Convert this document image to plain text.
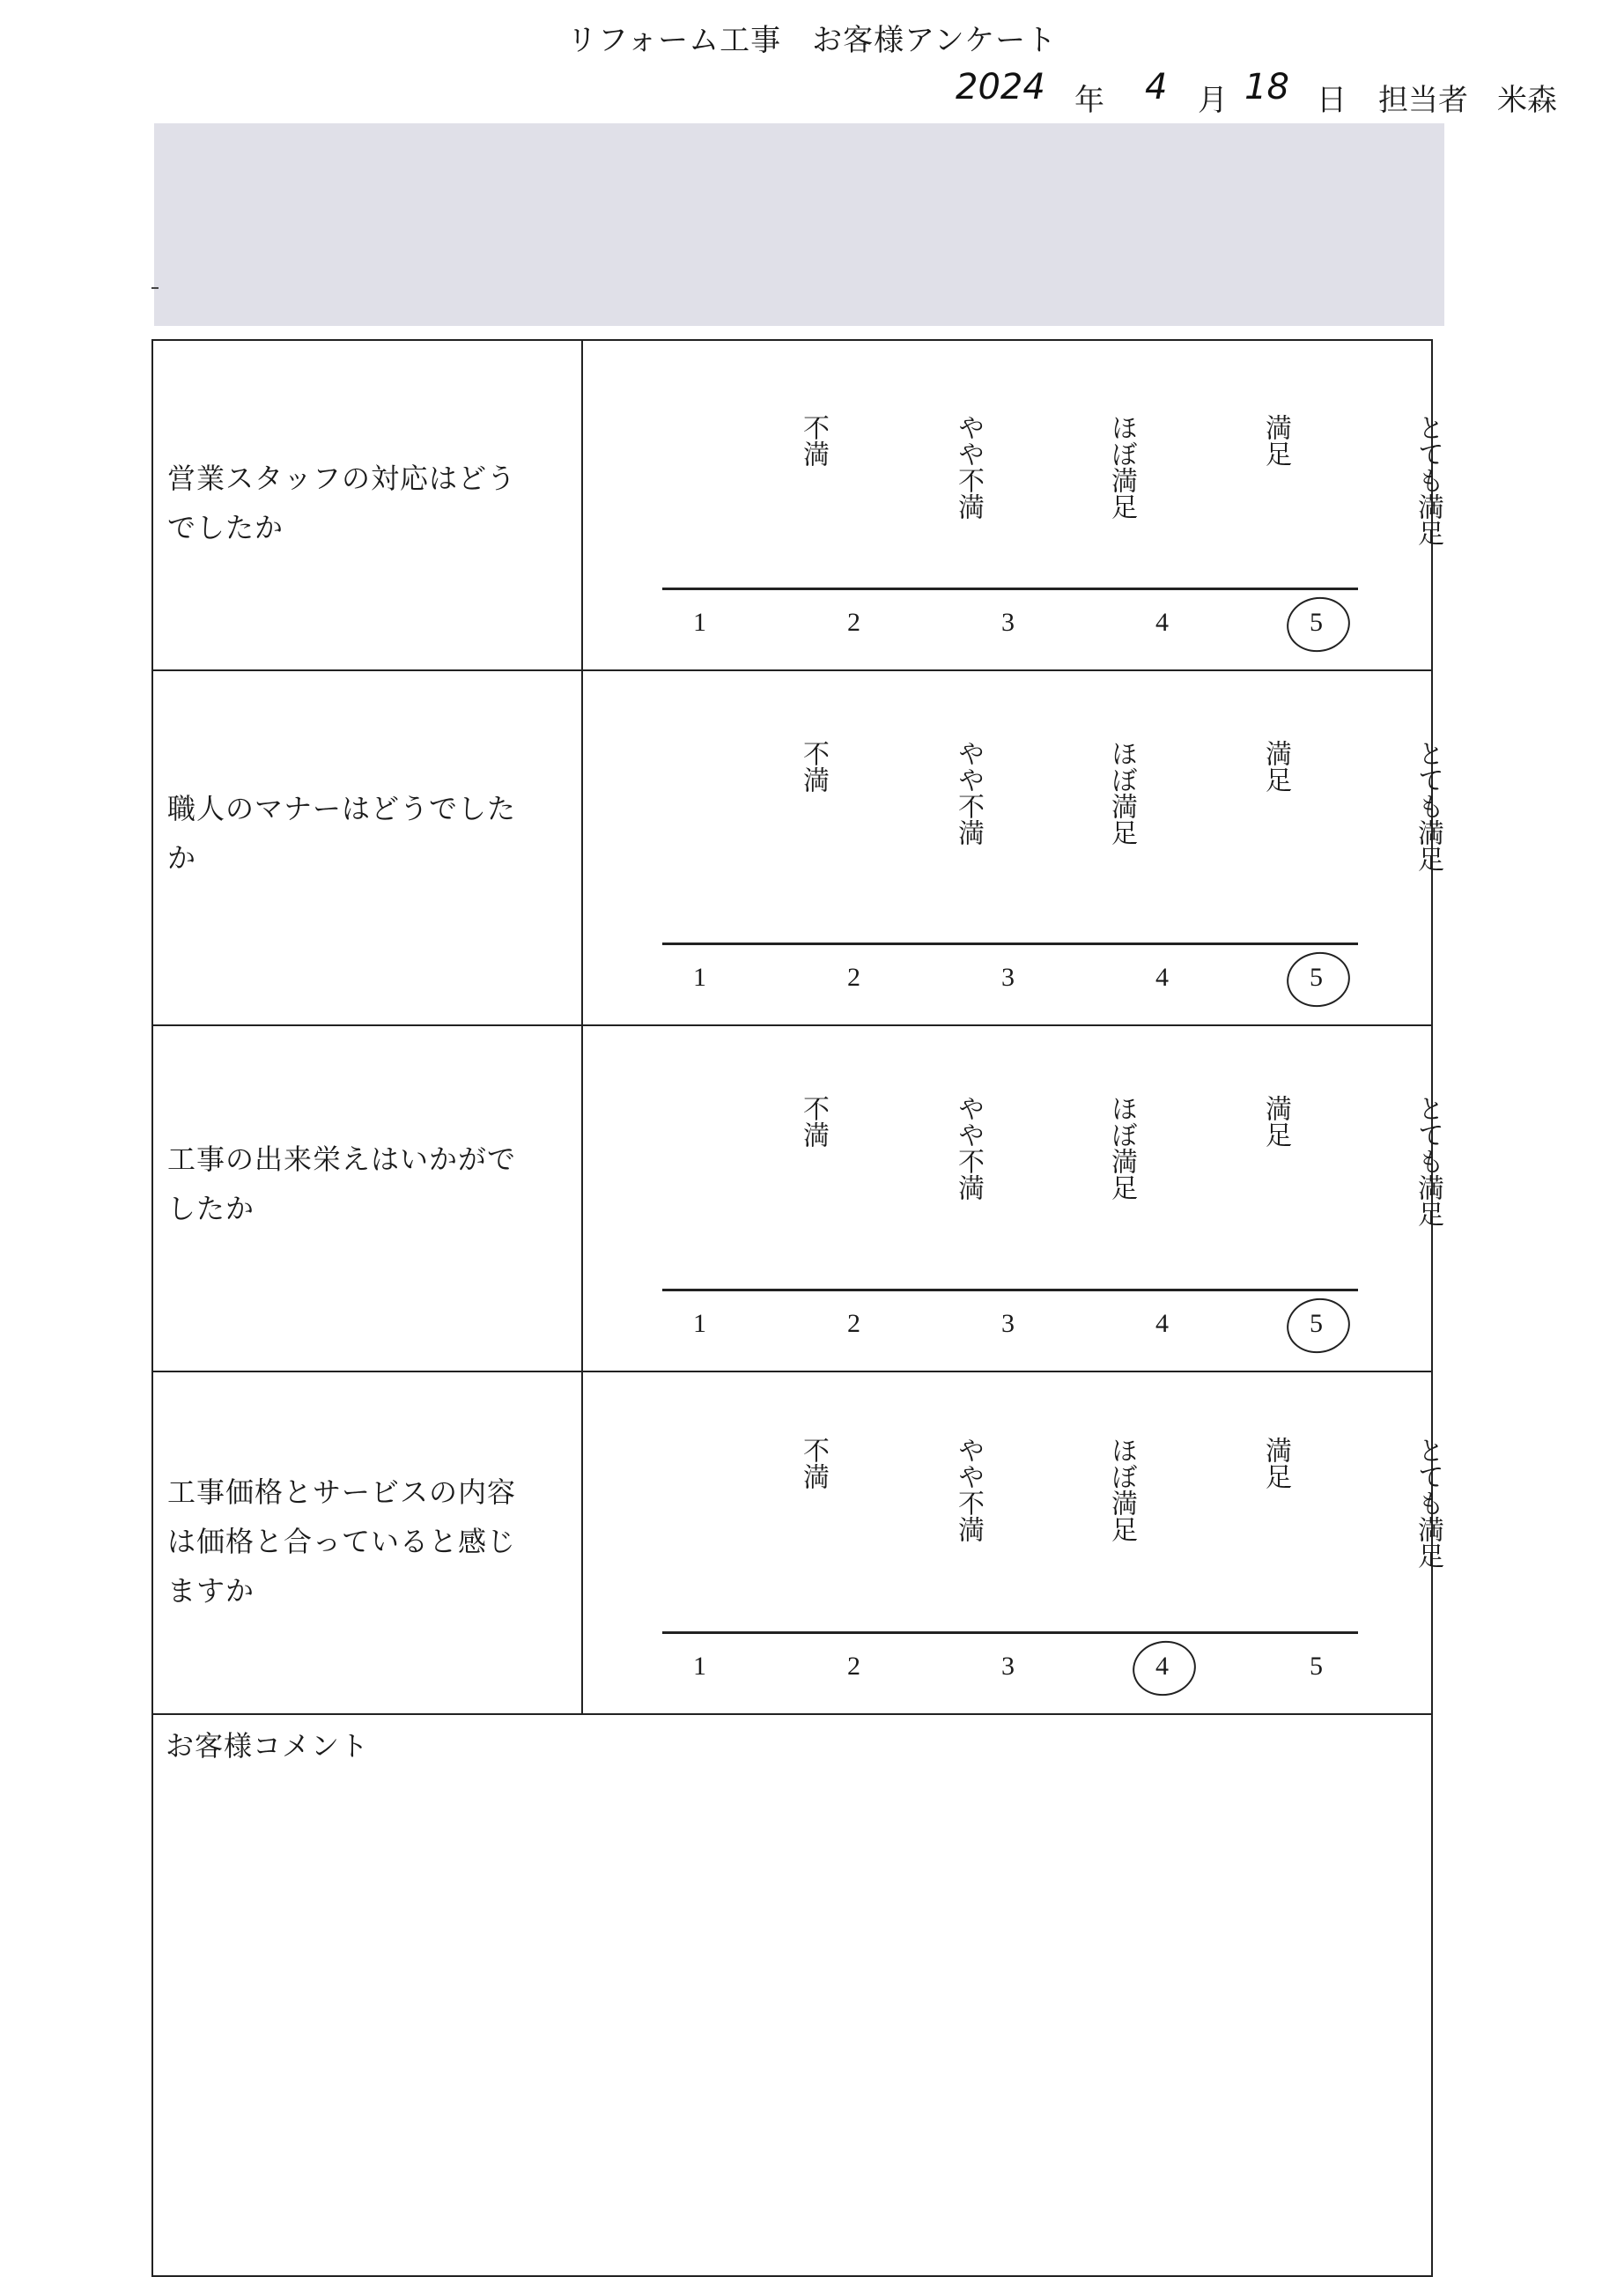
リフォーム工事　お客様アンケート
2024 年 4 月 18 日 担当者 米森
営業スタッフの対応はどうでしたか
不満	やや不満	ほぼ満足	満足	とても満足
1	2	3	4	5
職人のマナーはどうでしたか
不満	やや不満	ほぼ満足	満足	とても満足
1	2	3	4	5
工事の出来栄えはいかがでしたか
不満	やや不満	ほぼ満足	満足	とても満足
1	2	3	4	5
工事価格とサービスの内容は価格と合っていると感じますか
不満	やや不満	ほぼ満足	満足	とても満足
1	2	3	4	5
お客様コメント
